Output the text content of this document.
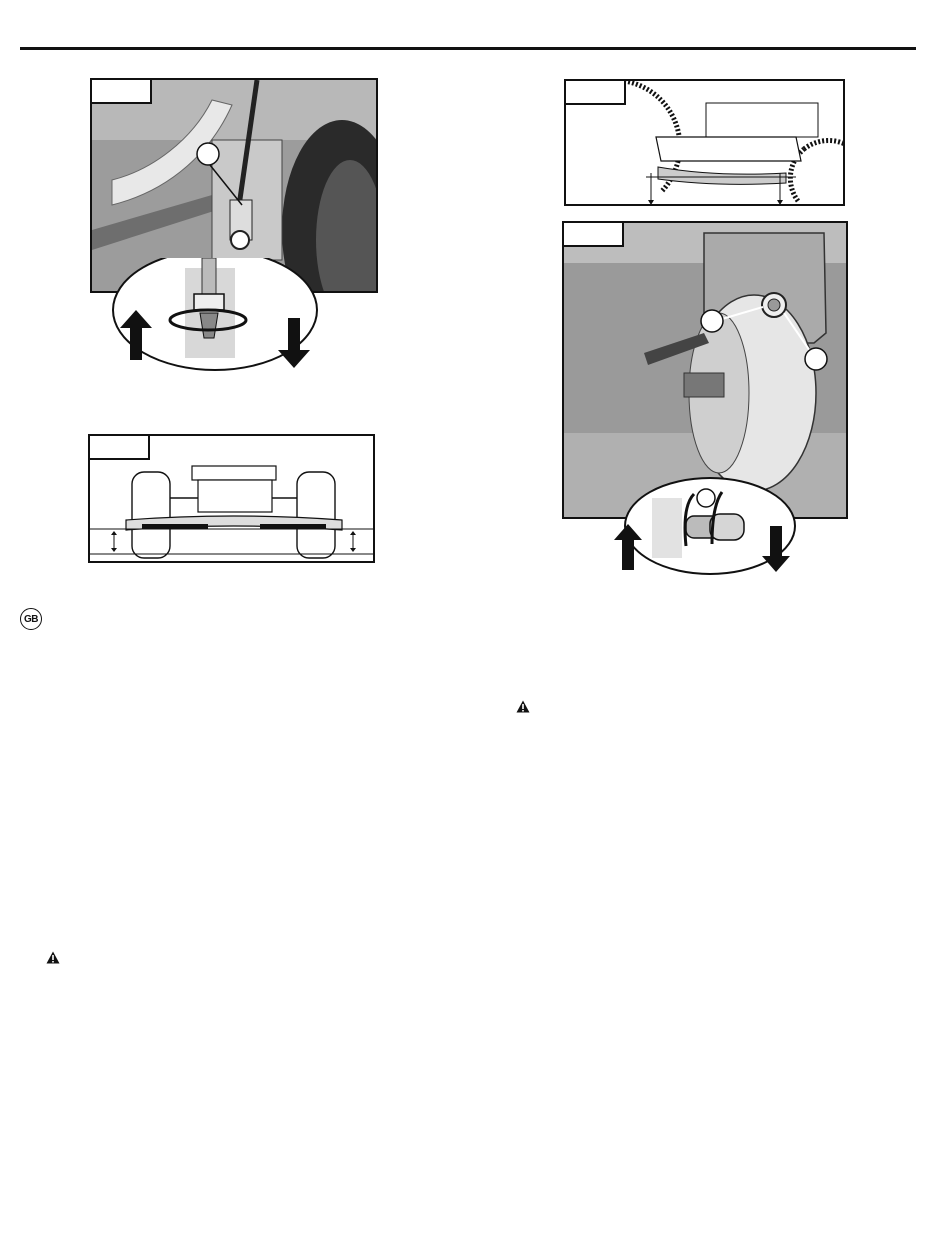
GB
